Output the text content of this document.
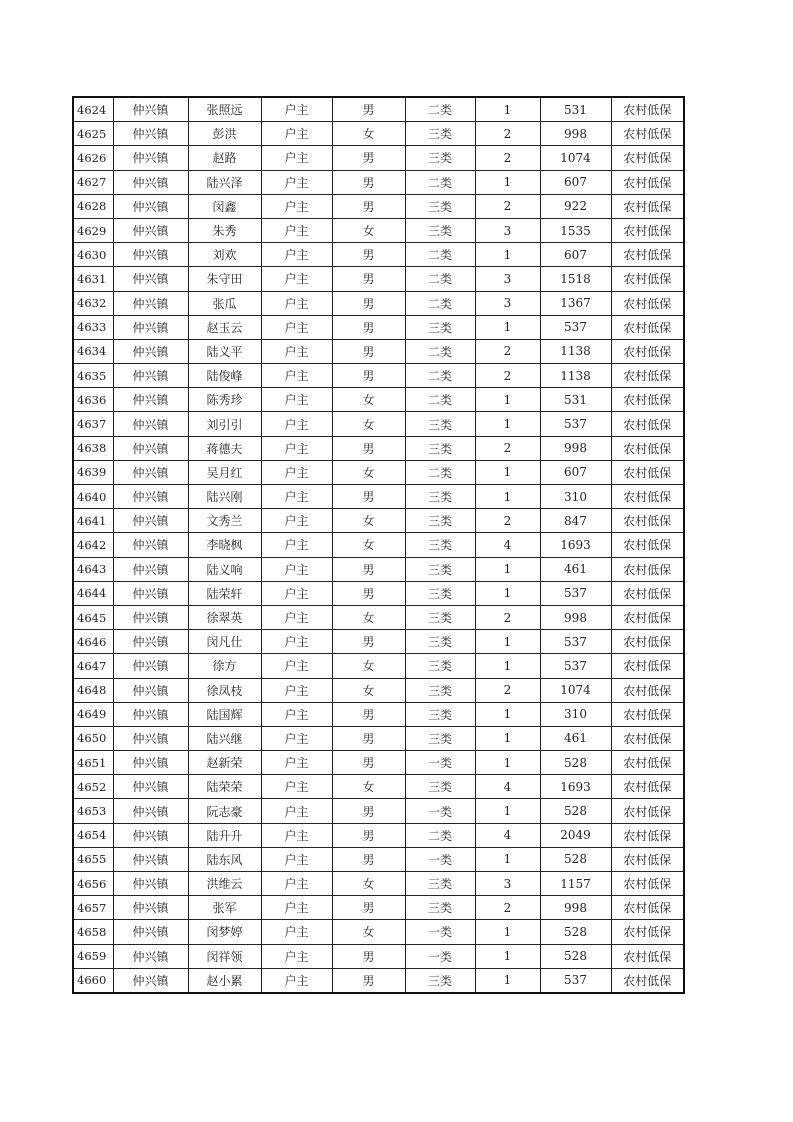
4624	仲兴镇	张照远	户主	男	二类	1	531	农村低保
4625	仲兴镇	彭洪	户主	女	三类	2	998	农村低保
4626	仲兴镇	赵路	户主	男	三类	2	1074	农村低保
4627	仲兴镇	陆兴泽	户主	男	二类	1	607	农村低保
4628	仲兴镇	闵鑫	户主	男	三类	2	922	农村低保
4629	仲兴镇	朱秀	户主	女	三类	3	1535	农村低保
4630	仲兴镇	刘欢	户主	男	二类	1	607	农村低保
4631	仲兴镇	朱守田	户主	男	二类	3	1518	农村低保
4632	仲兴镇	张瓜	户主	男	二类	3	1367	农村低保
4633	仲兴镇	赵玉云	户主	男	三类	1	537	农村低保
4634	仲兴镇	陆义平	户主	男	二类	2	1138	农村低保
4635	仲兴镇	陆俊峰	户主	男	二类	2	1138	农村低保
4636	仲兴镇	陈秀珍	户主	女	二类	1	531	农村低保
4637	仲兴镇	刘引引	户主	女	三类	1	537	农村低保
4638	仲兴镇	蒋德夫	户主	男	三类	2	998	农村低保
4639	仲兴镇	吴月红	户主	女	二类	1	607	农村低保
4640	仲兴镇	陆兴刚	户主	男	三类	1	310	农村低保
4641	仲兴镇	文秀兰	户主	女	三类	2	847	农村低保
4642	仲兴镇	李晓枫	户主	女	三类	4	1693	农村低保
4643	仲兴镇	陆义响	户主	男	三类	1	461	农村低保
4644	仲兴镇	陆荣轩	户主	男	三类	1	537	农村低保
4645	仲兴镇	徐翠英	户主	女	三类	2	998	农村低保
4646	仲兴镇	闵凡仕	户主	男	三类	1	537	农村低保
4647	仲兴镇	徐方	户主	女	三类	1	537	农村低保
4648	仲兴镇	徐凤枝	户主	女	三类	2	1074	农村低保
4649	仲兴镇	陆国辉	户主	男	三类	1	310	农村低保
4650	仲兴镇	陆兴继	户主	男	三类	1	461	农村低保
4651	仲兴镇	赵新荣	户主	男	一类	1	528	农村低保
4652	仲兴镇	陆荣荣	户主	女	三类	4	1693	农村低保
4653	仲兴镇	阮志豪	户主	男	一类	1	528	农村低保
4654	仲兴镇	陆升升	户主	男	二类	4	2049	农村低保
4655	仲兴镇	陆东风	户主	男	一类	1	528	农村低保
4656	仲兴镇	洪维云	户主	女	三类	3	1157	农村低保
4657	仲兴镇	张军	户主	男	三类	2	998	农村低保
4658	仲兴镇	闵梦婷	户主	女	一类	1	528	农村低保
4659	仲兴镇	闵祥领	户主	男	一类	1	528	农村低保
4660	仲兴镇	赵小累	户主	男	三类	1	537	农村低保
